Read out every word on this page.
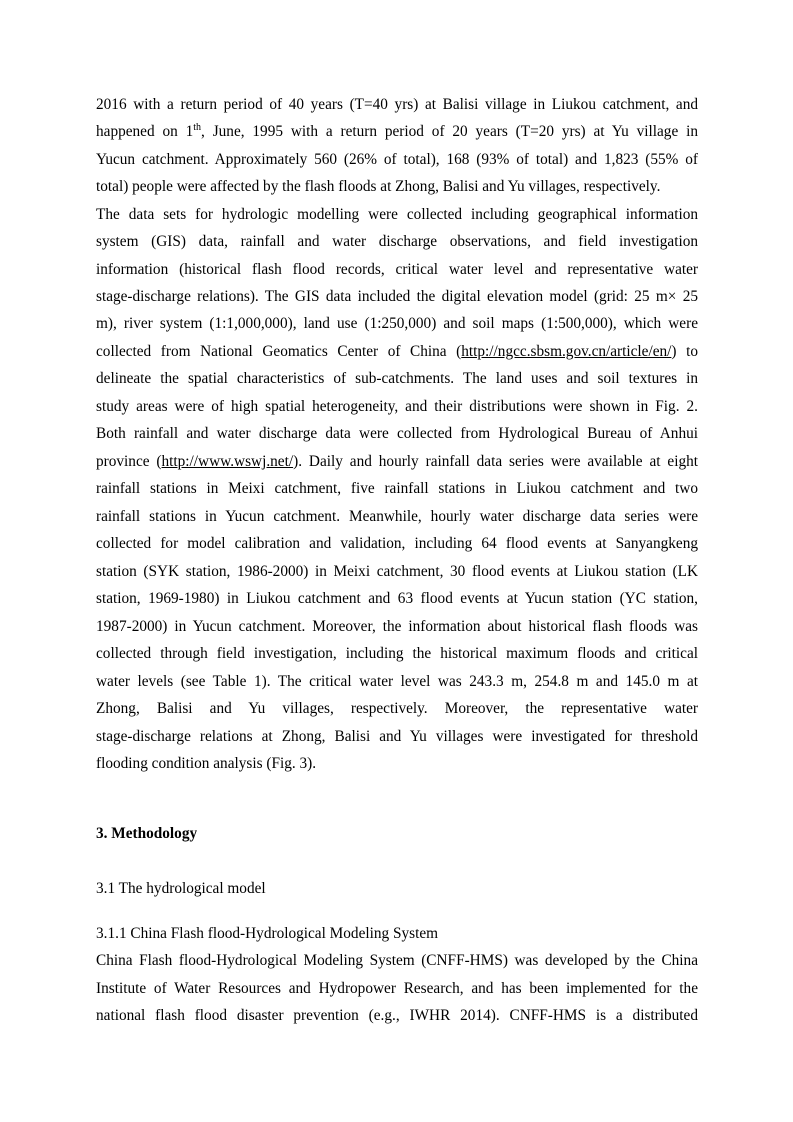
2016 with a return period of 40 years (T=40 yrs) at Balisi village in Liukou catchment, and
happened on 1th, June, 1995 with a return period of 20 years (T=20 yrs) at Yu village in
Yucun catchment. Approximately 560 (26% of total), 168 (93% of total) and 1,823 (55% of
total) people were affected by the flash floods at Zhong, Balisi and Yu villages, respectively.
The data sets for hydrologic modelling were collected including geographical information
system (GIS) data, rainfall and water discharge observations, and field investigation
information (historical flash flood records, critical water level and representative water
stage-discharge relations). The GIS data included the digital elevation model (grid: 25 m× 25
m), river system (1:1,000,000), land use (1:250,000) and soil maps (1:500,000), which were
collected from National Geomatics Center of China (http://ngcc.sbsm.gov.cn/article/en/) to
delineate the spatial characteristics of sub-catchments. The land uses and soil textures in
study areas were of high spatial heterogeneity, and their distributions were shown in Fig. 2.
Both rainfall and water discharge data were collected from Hydrological Bureau of Anhui
province (http://www.wswj.net/). Daily and hourly rainfall data series were available at eight
rainfall stations in Meixi catchment, five rainfall stations in Liukou catchment and two
rainfall stations in Yucun catchment. Meanwhile, hourly water discharge data series were
collected for model calibration and validation, including 64 flood events at Sanyangkeng
station (SYK station, 1986-2000) in Meixi catchment, 30 flood events at Liukou station (LK
station, 1969-1980) in Liukou catchment and 63 flood events at Yucun station (YC station,
1987-2000) in Yucun catchment. Moreover, the information about historical flash floods was
collected through field investigation, including the historical maximum floods and critical
water levels (see Table 1). The critical water level was 243.3 m, 254.8 m and 145.0 m at
Zhong, Balisi and Yu villages, respectively. Moreover, the representative water
stage-discharge relations at Zhong, Balisi and Yu villages were investigated for threshold
flooding condition analysis (Fig. 3).
3. Methodology
3.1 The hydrological model
3.1.1 China Flash flood-Hydrological Modeling System
China Flash flood-Hydrological Modeling System (CNFF-HMS) was developed by the China
Institute of Water Resources and Hydropower Research, and has been implemented for the
national flash flood disaster prevention (e.g., IWHR 2014). CNFF-HMS is a distributed
